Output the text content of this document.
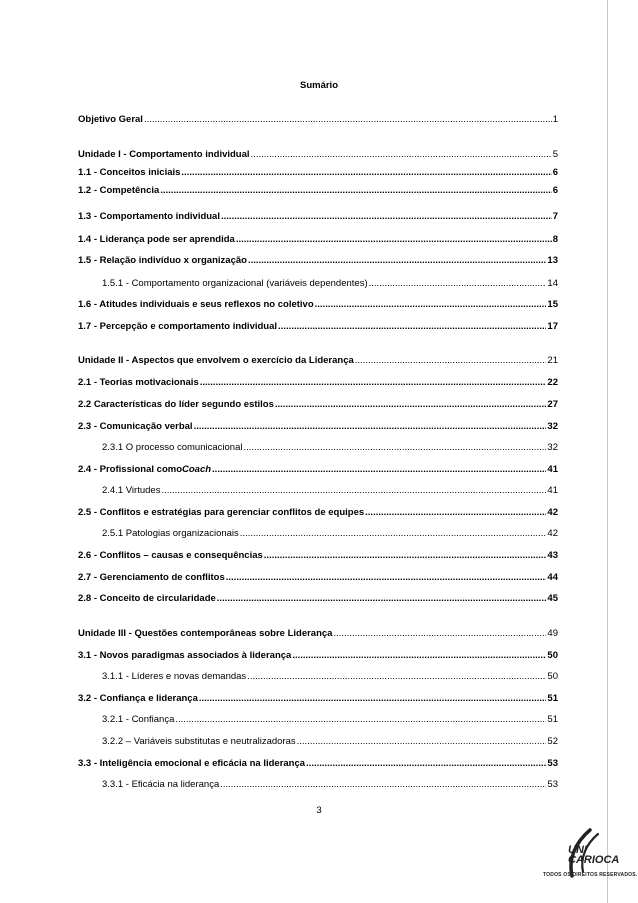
Sumário
Objetivo Geral .....	1
Unidade I - Comportamento individual .....	5
1.1 - Conceitos iniciais .....	6
1.2 - Competência .....	6
1.3 - Comportamento individual .....	7
1.4 - Liderança pode ser aprendida .....	8
1.5 - Relação indivíduo x organização .....	13
1.5.1 - Comportamento organizacional (variáveis dependentes) .....	14
1.6 - Atitudes individuais e seus reflexos no coletivo .....	15
1.7 - Percepção e comportamento individual .....	17
Unidade II - Aspectos que envolvem o exercício da Liderança .....	21
2.1 - Teorias motivacionais .....	22
2.2 Características do líder segundo estilos .....	27
2.3 - Comunicação verbal .....	32
2.3.1 O processo comunicacional .....	32
2.4 - Profissional como Coach .....	41
2.4.1 Virtudes .....	41
2.5 - Conflitos e estratégias para gerenciar conflitos de equipes .....	42
2.5.1 Patologias organizacionais .....	42
2.6 - Conflitos – causas e consequências .....	43
2.7 - Gerenciamento de conflitos .....	44
2.8 - Conceito de circularidade .....	45
Unidade III - Questões contemporâneas sobre Liderança .....	49
3.1 - Novos paradigmas associados à liderança .....	50
3.1.1 - Líderes e novas demandas .....	50
3.2 - Confiança e liderança .....	51
3.2.1 - Confiança .....	51
3.2.2 – Variáveis substitutas e neutralizadoras .....	52
3.3 - Inteligência emocional e eficácia na liderança .....	53
3.3.1 - Eficácia na liderança .....	53
3
UNI
CARIOCA
TODOS OS DIREITOS RESERVADOS.
